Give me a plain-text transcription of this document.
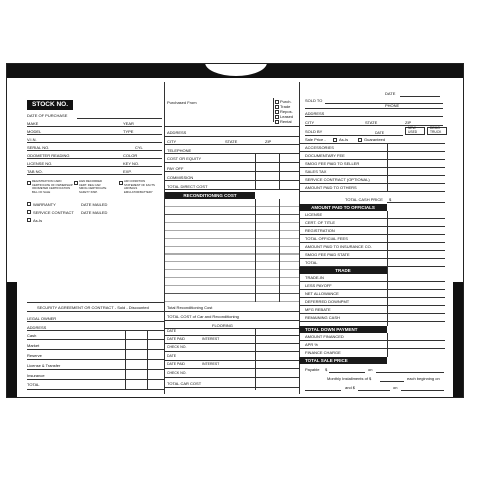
STOCK NO.
DATE OF PURCHASE
MAKE	YEAR
MODEL	TYPE
V.I.N.
SERIAL NO.	CYL
ODOMETER READING	COLOR
LICENSE NO.	KEY NO.
TAB NO.	EXP.
REGISTRATION CARD
CERTIFICATE OF OWNERSHIP
ODOMETER CERTIFICATION
BILL OF SALE
LIEN RECORDED
CERT. REG CAR
SMOG CERTIFICATE
SAFETY INSP.
AIR CONDITION
STATEMENT OF FACTS
AIR BAGS
EMULATOR/BATTERY
WARRANTY	DATE MAILED
SERVICE CONTRACT DATE MAILED
As-Is
SECURITY AGREEMENT OR CONTRACT - Sold - Discounted
LEGAL OWNER
ADDRESS
Cash
Market
Reserve
License & Transfer
Insurance
TOTAL
Purchased From	Purch.
Trade
Repos.
Leased
Rental
ADDRESS
CITY	STATE	ZIP
TELEPHONE
COST OR EQUITY
PAY OFF
COMMISSION
TOTAL DIRECT COST
RECONDITIONING COST
Total Reconditioning Cost
TOTAL COST of Car and Reconditioning
FLOORING
DATE
DATE PAID	INTEREST
CHECK NO.
DATE
DATE PAID	INTEREST
CHECK NO.
TOTAL CAR COST
DATE
SOLD TO
PHONE
ADDRESS
CITY	STATE	ZIP
SOLD BY	DATE
NEW
USED
DEMO
TRUCK
Sale Price -	As-Is	Guaranteed
ACCESSORIES
DOCUMENTARY FEE
SMOG FEE PAID TO SELLER
SALES TAX
SERVICE CONTRACT (OPTIONAL)
AMOUNT PAID TO OTHERS
TOTAL CASH PRICE $
AMOUNT PAID TO OFFICIALS
LICENSE
CERT. OF TITLE
REGISTRATION
TOTAL OFFICIAL FEES
AMOUNT PAID TO INSURANCE CO.
SMOG FEE PAID STATE
TOTAL
TRADE
TRADE-IN
LESS PAYOFF
NET ALLOWANCE
DEFERRED DOWNPMT
MFG REBATE
REMAINING CASH
TOTAL DOWN PAYMENT
AMOUNT FINANCED
APR %
FINANCE CHARGE
TOTAL SALE PRICE
Payable $	on
Monthly Installments of $	each beginning on
and $	on
